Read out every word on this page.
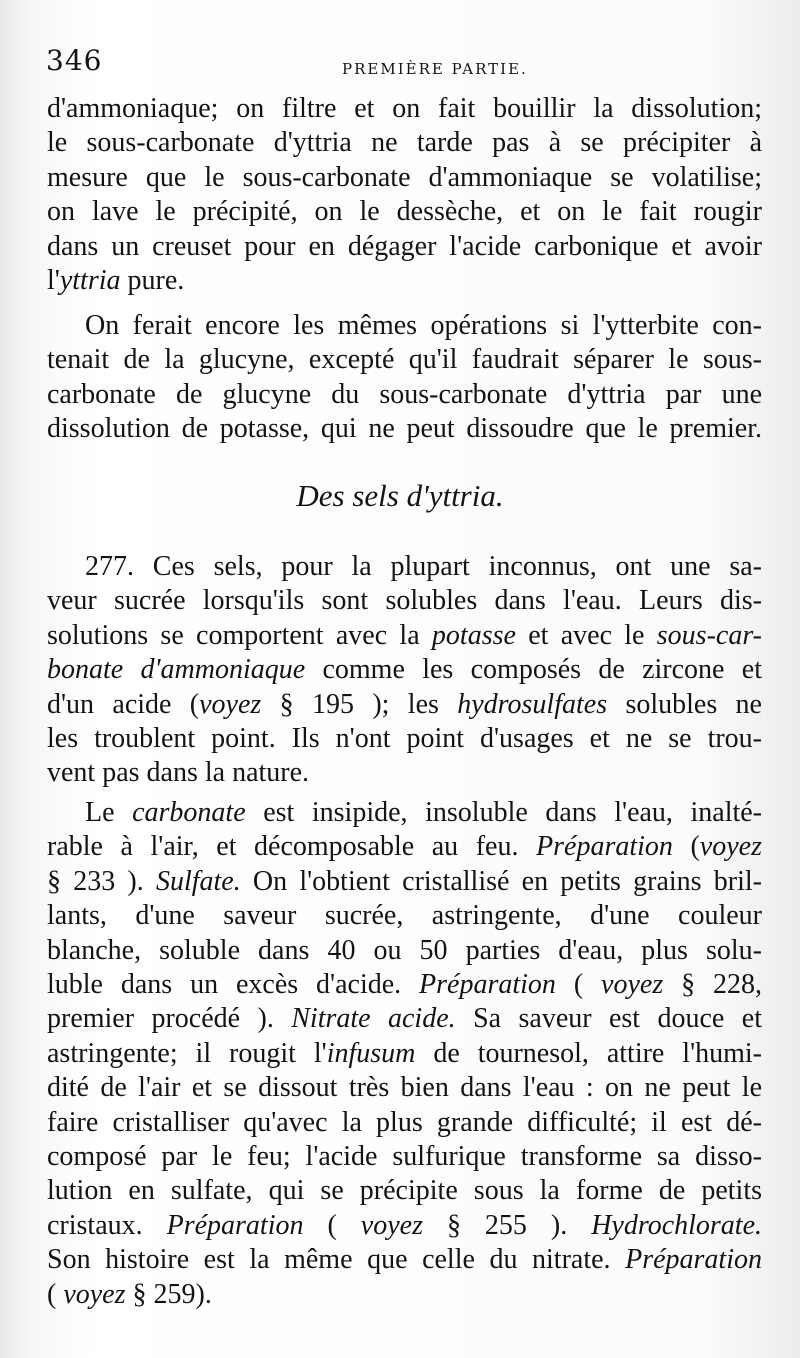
346	PREMIÈRE PARTIE.
d'ammoniaque; on filtre et on fait bouillir la dissolution;
le sous-carbonate d'yttria ne tarde pas à se précipiter à
mesure que le sous-carbonate d'ammoniaque se volatilise;
on lave le précipité, on le dessèche, et on le fait rougir
dans un creuset pour en dégager l'acide carbonique et avoir
l'yttria pure.
On ferait encore les mêmes opérations si l'ytterbite con-
tenait de la glucyne, excepté qu'il faudrait séparer le sous-
carbonate de glucyne du sous-carbonate d'yttria par une
dissolution de potasse, qui ne peut dissoudre que le premier.
Des sels d'yttria.
277. Ces sels, pour la plupart inconnus, ont une sa-
veur sucrée lorsqu'ils sont solubles dans l'eau. Leurs dis-
solutions se comportent avec la potasse et avec le sous-car-
bonate d'ammoniaque comme les composés de zircone et
d'un acide (voyez § 195 ); les hydrosulfates solubles ne
les troublent point. Ils n'ont point d'usages et ne se trou-
vent pas dans la nature.
Le carbonate est insipide, insoluble dans l'eau, inalté-
rable à l'air, et décomposable au feu. Préparation (voyez
§ 233 ). Sulfate. On l'obtient cristallisé en petits grains bril-
lants, d'une saveur sucrée, astringente, d'une couleur
blanche, soluble dans 40 ou 50 parties d'eau, plus solu-
luble dans un excès d'acide. Préparation ( voyez § 228,
premier procédé ). Nitrate acide. Sa saveur est douce et
astringente; il rougit l'infusum de tournesol, attire l'humi-
dité de l'air et se dissout très bien dans l'eau : on ne peut le
faire cristalliser qu'avec la plus grande difficulté; il est dé-
composé par le feu; l'acide sulfurique transforme sa disso-
lution en sulfate, qui se précipite sous la forme de petits
cristaux. Préparation ( voyez § 255 ). Hydrochlorate.
Son histoire est la même que celle du nitrate. Préparation
( voyez § 259).
